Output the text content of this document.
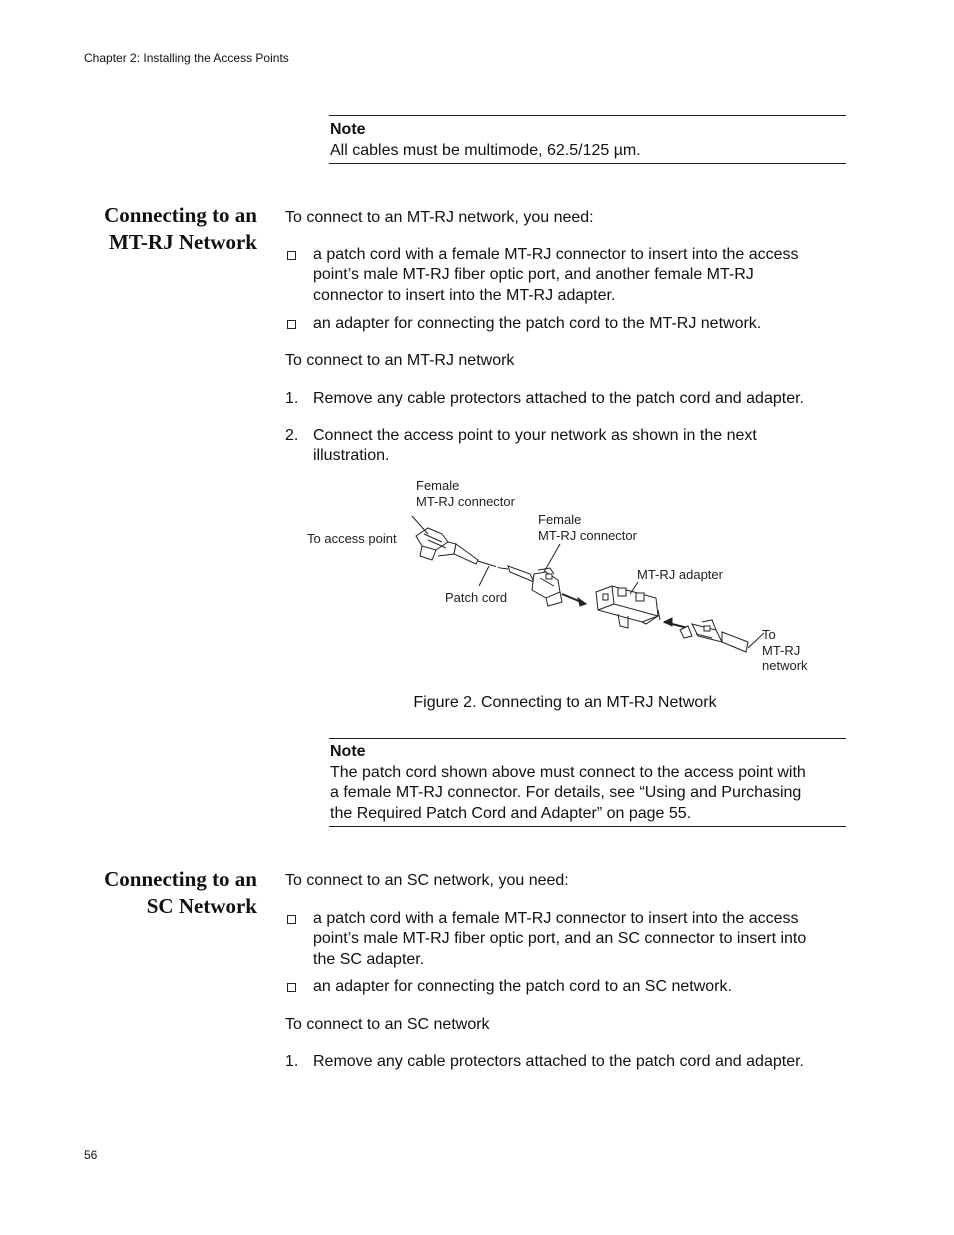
Chapter 2: Installing the Access Points
Note
All cables must be multimode, 62.5/125 µm.
Connecting to an
MT-RJ Network
To connect to an MT-RJ network, you need:
a patch cord with a female MT-RJ connector to insert into the access
point’s male MT-RJ fiber optic port, and another female MT-RJ
connector to insert into the MT-RJ adapter.
an adapter for connecting the patch cord to the MT-RJ network.
To connect to an MT-RJ network
1. Remove any cable protectors attached to the patch cord and adapter.
2. Connect the access point to your network as shown in the next
illustration.
Female
MT-RJ connector
To access point
Female
MT-RJ connector
Patch cord
MT-RJ adapter
To
MT-RJ
network
Figure 2. Connecting to an MT-RJ Network
Note
The patch cord shown above must connect to the access point with
a female MT-RJ connector. For details, see “Using and Purchasing
the Required Patch Cord and Adapter” on page 55.
Connecting to an
SC Network
To connect to an SC network, you need:
a patch cord with a female MT-RJ connector to insert into the access
point’s male MT-RJ fiber optic port, and an SC connector to insert into
the SC adapter.
an adapter for connecting the patch cord to an SC network.
To connect to an SC network
1. Remove any cable protectors attached to the patch cord and adapter.
56
